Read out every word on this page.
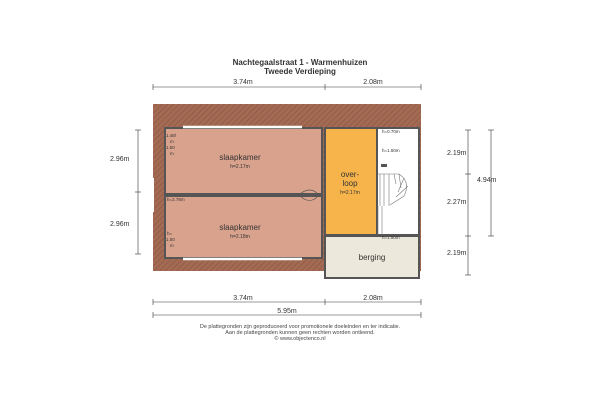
Nachtegaalstraat 1 - Warmenhuizen
Tweede Verdieping
3.74m	2.08m
slaapkamer
h=2.17m
slaapkamer
h=2.18m
over-
loop
h=2.17m
berging
1.48/
m
1.50
m
h=2.78m
h=
1.50
m
h=0.70m
h=1.50m
h=1.50m
2.96m
2.96m
2.19m
2.27m
2.19m
4.94m
3.74m	2.08m
5.95m
De plattegronden zijn geproduceerd voor promotionele doeleinden en ter indicatie.
Aan de plattegronden kunnen geen rechten worden ontleend.
© www.objectenco.nl
